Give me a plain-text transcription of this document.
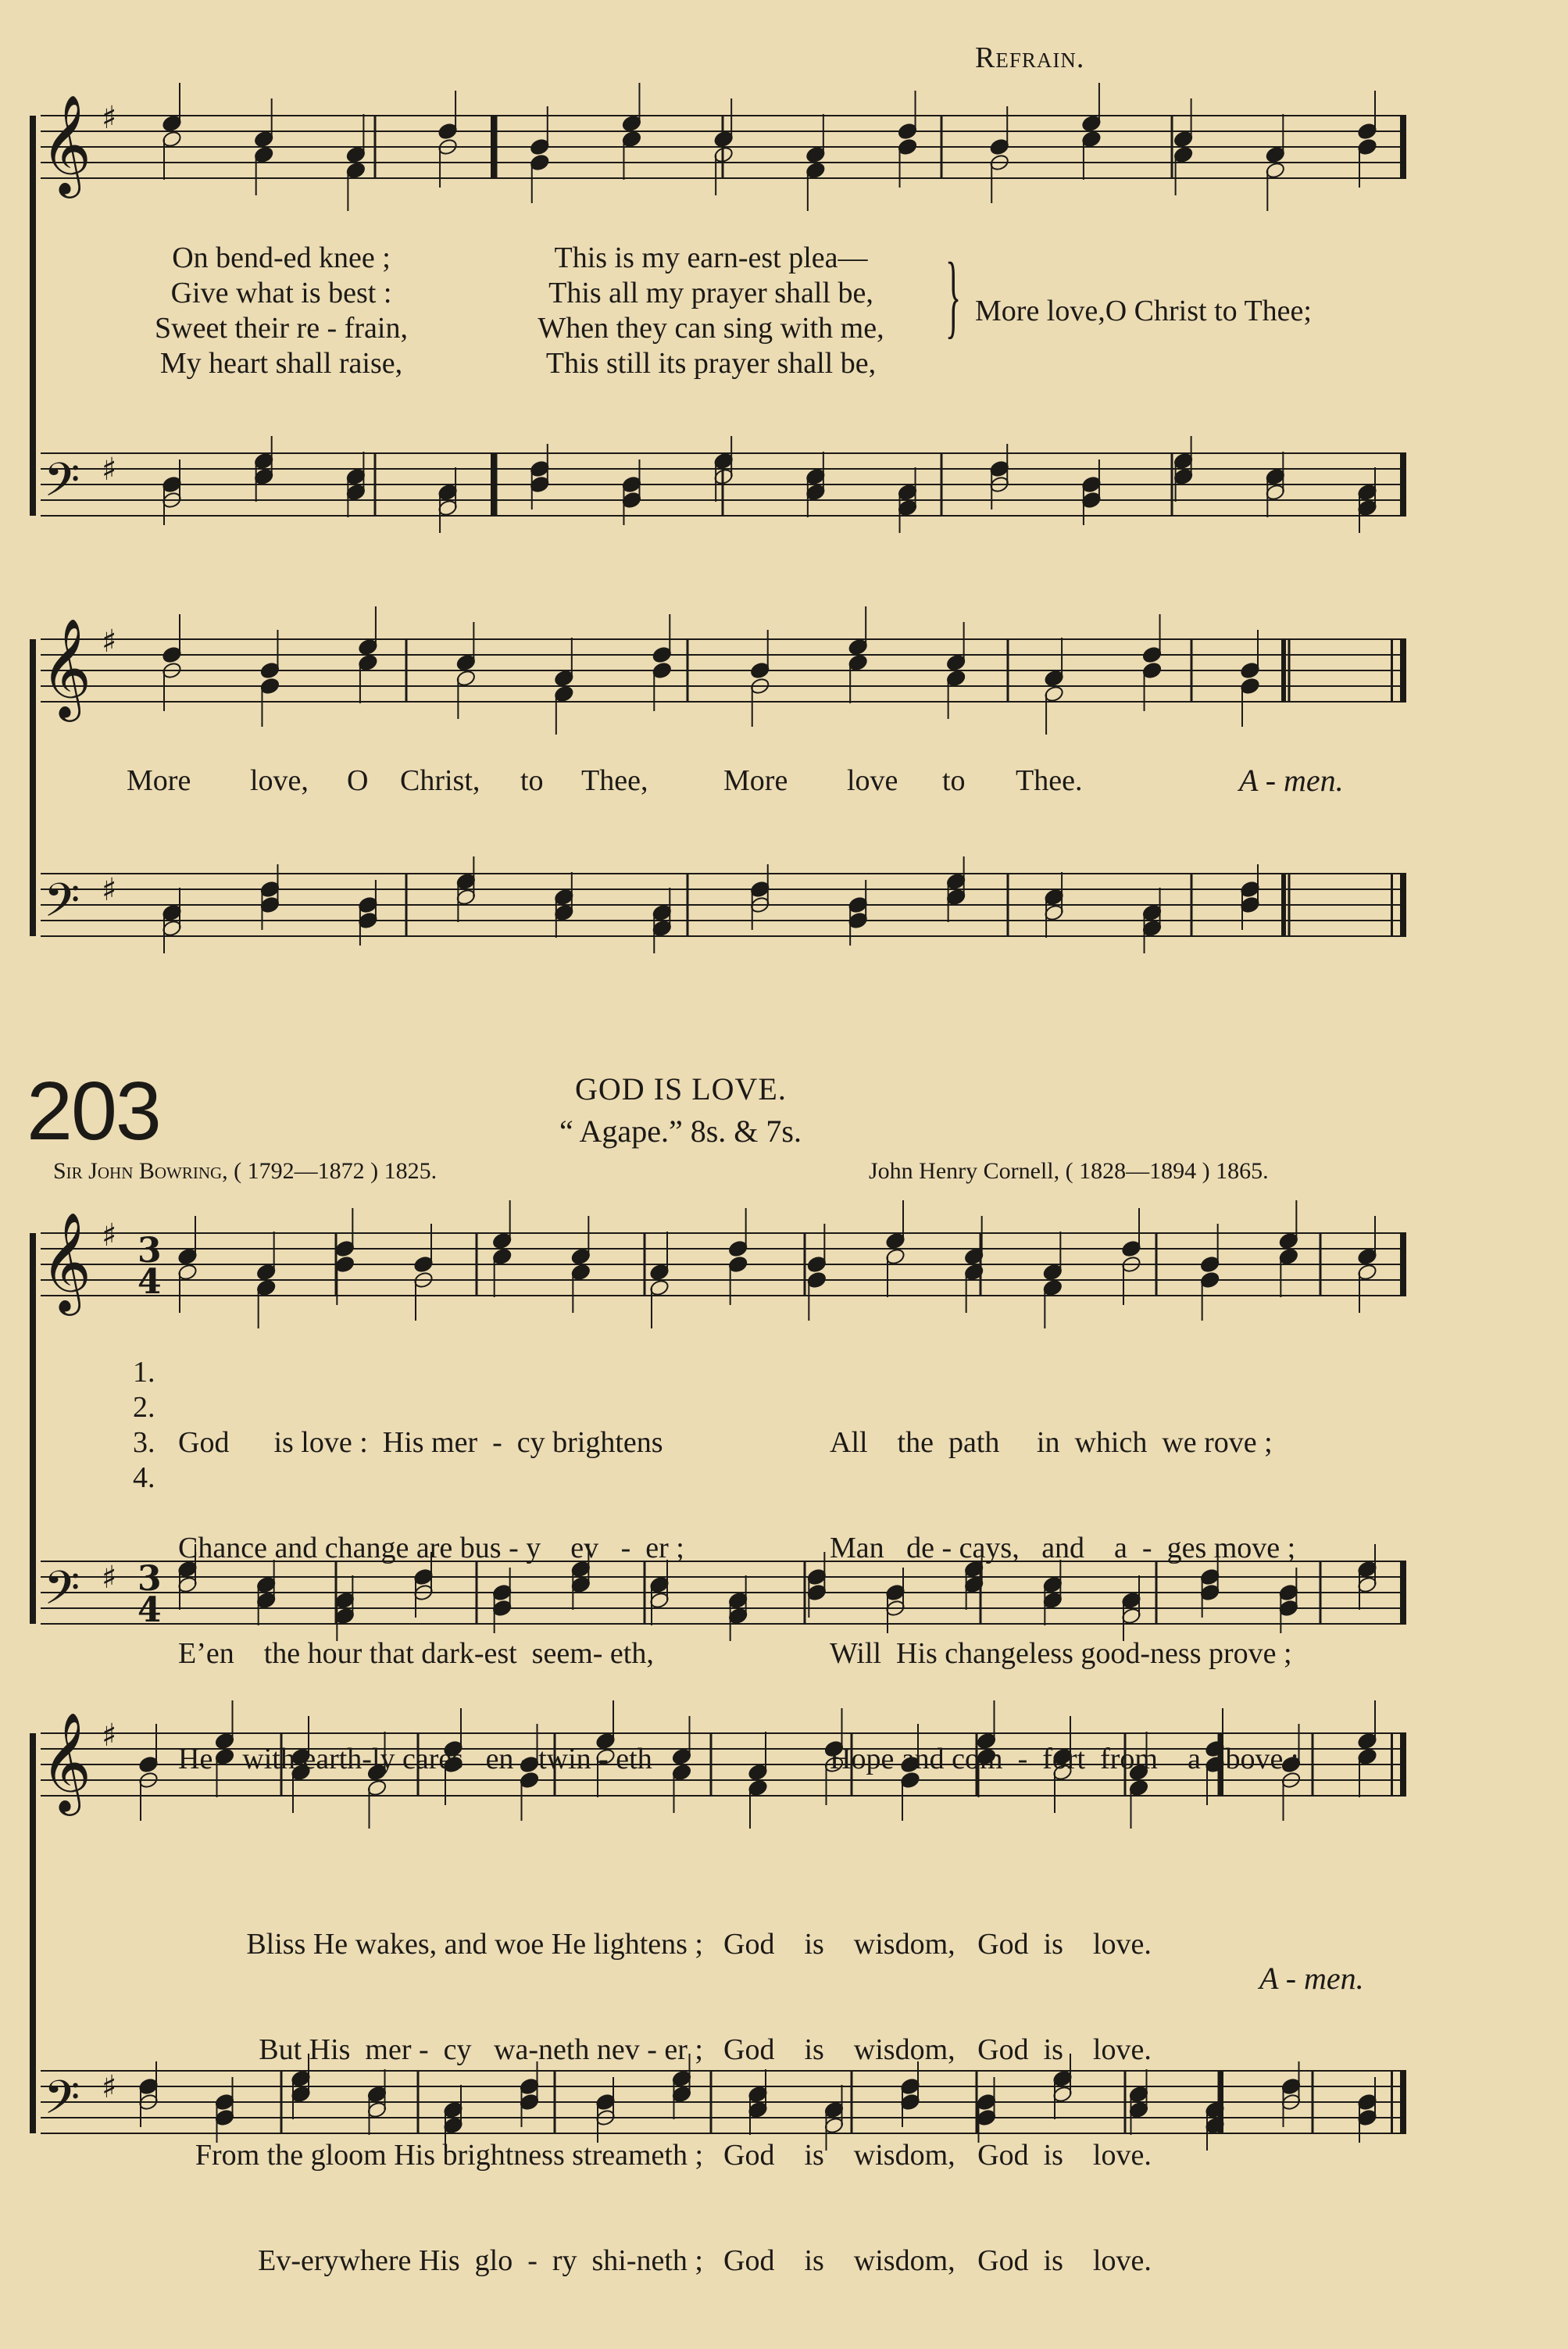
Refrain.
𝄞
𝄢
𝄞
𝄢
𝄞
𝄢
𝄞
𝄢
♯
♯
♯
♯
♯
♯
♯
♯
3
4
3
4
On bend-ed knee ;
Give what is best :
Sweet their re - frain,
My heart shall raise,
This is my earn-est plea—
This all my prayer shall be,
When they can sing with me,
This still its prayer shall be,
} More love,O Christ to Thee;
More love, O Christ, to Thee,	More love to Thee.	A - men.
203	GOD IS LOVE.
“ Agape.” 8s. & 7s.
Sir John Bowring, ( 1792—1872 ) 1825.	John Henry Cornell, ( 1828—1894 ) 1865.
1.
2.
3.
4.

God      is love :  His mer  -  cy brightens

Chance and change are bus - y    ev   -  er ;

E’en    the hour that dark-est  seem- eth,

He    with earth-ly cares   en - twin - eth

All    the  path     in  which  we rove ;

Man   de - cays,   and    a  -  ges move ;

Will  His changeless good-ness prove ;

Hope and com  -  fort  from    a - bove :

Bliss He wakes, and woe He lightens ;

But His  mer -  cy   wa-neth nev - er ;

From the gloom His brightness streameth ;

Ev-erywhere His  glo  -  ry  shi-neth ;

God    is    wisdom,   God  is    love.

God    is    wisdom,   God  is    love.

God    is    wisdom,   God  is    love.

God    is    wisdom,   God  is    love.

A - men.
